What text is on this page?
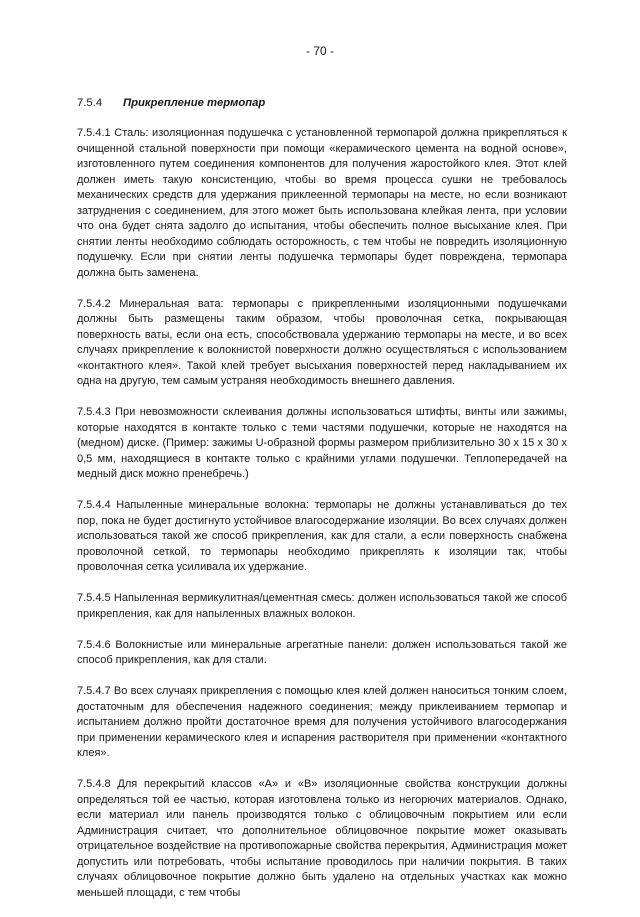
- 70 -
7.5.4	Прикрепление термопар

7.5.4.1 Сталь: изоляционная подушечка с установленной термопарой должна прикрепляться к очищенной стальной поверхности при помощи «керамического цемента на водной основе», изготовленного путем соединения компонентов для получения жаростойкого клея. Этот клей должен иметь такую консистенцию, чтобы во время процесса сушки не требовалось механических средств для удержания приклеенной термопары на месте, но если возникают затруднения с соединением, для этого может быть использована клейкая лента, при условии что она будет снята задолго до испытания, чтобы обеспечить полное высыхание клея. При снятии ленты необходимо соблюдать осторожность, с тем чтобы не повредить изоляционную подушечку. Если при снятии ленты подушечка термопары будет повреждена, термопара должна быть заменена.

7.5.4.2 Минеральная вата: термопары с прикрепленными изоляционными подушечками должны быть размещены таким образом, чтобы проволочная сетка, покрывающая поверхность ваты, если она есть, способствовала удержанию термопары на месте, и во всех случаях прикрепление к волокнистой поверхности должно осуществляться с использованием «контактного клея». Такой клей требует высыхания поверхностей перед накладыванием их одна на другую, тем самым устраняя необходимость внешнего давления.

7.5.4.3 При невозможности склеивания должны использоваться штифты, винты или зажимы, которые находятся в контакте только с теми частями подушечки, которые не находятся на (медном) диске. (Пример: зажимы U-образной формы размером приблизительно 30 x 15 x 30 x 0,5 мм, находящиеся в контакте только с крайними углами подушечки. Теплопередачей на медный диск можно пренебречь.)

7.5.4.4 Напыленные минеральные волокна: термопары не должны устанавливаться до тех пор, пока не будет достигнуто устойчивое влагосодержание изоляции. Во всех случаях должен использоваться такой же способ прикрепления, как для стали, а если поверхность снабжена проволочной сеткой, то термопары необходимо прикреплять к изоляции так, чтобы проволочная сетка усиливала их удержание.

7.5.4.5 Напыленная вермикулитная/цементная смесь: должен использоваться такой же способ прикрепления, как для напыленных влажных волокон.

7.5.4.6 Волокнистые или минеральные агрегатные панели: должен использоваться такой же способ прикрепления, как для стали.

7.5.4.7 Во всех случаях прикрепления с помощью клея клей должен наноситься тонким слоем, достаточным для обеспечения надежного соединения; между приклеиванием термопар и испытанием должно пройти достаточное время для получения устойчивого влагосодержания при применении керамического клея и испарения растворителя при применении «контактного клея».

7.5.4.8 Для перекрытий классов «А» и «В» изоляционные свойства конструкции должны определяться той ее частью, которая изготовлена только из негорючих материалов. Однако, если материал или панель производятся только с облицовочным покрытием или если Администрация считает, что дополнительное облицовочное покрытие может оказывать отрицательное воздействие на противопожарные свойства перекрытия, Администрация может допустить или потребовать, чтобы испытание проводилось при наличии покрытия. В таких случаях облицовочное покрытие должно быть удалено на отдельных участках как можно меньшей площади, с тем чтобы
